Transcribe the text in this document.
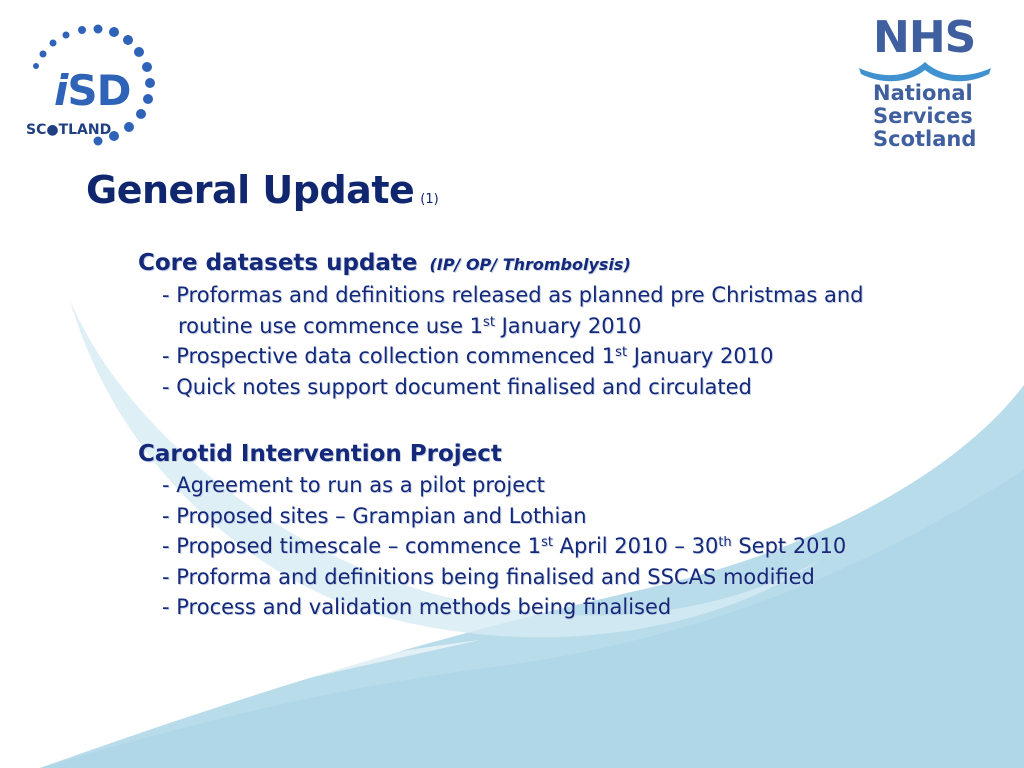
iSD
SC●TLAND
NHS
National
Services
Scotland
General Update $^{(1)}$
Core datasets update (IP/ OP/ Thrombolysis)
- Proformas and definitions released as planned pre Christmas and
routine use commence use 1st January 2010
- Prospective data collection commenced 1st January 2010
- Quick notes support document finalised and circulated
Carotid Intervention Project
- Agreement to run as a pilot project
- Proposed sites – Grampian and Lothian
- Proposed timescale – commence 1st April 2010 – 30th Sept 2010
- Proforma and definitions being finalised and SSCAS modified
- Process and validation methods being finalised
